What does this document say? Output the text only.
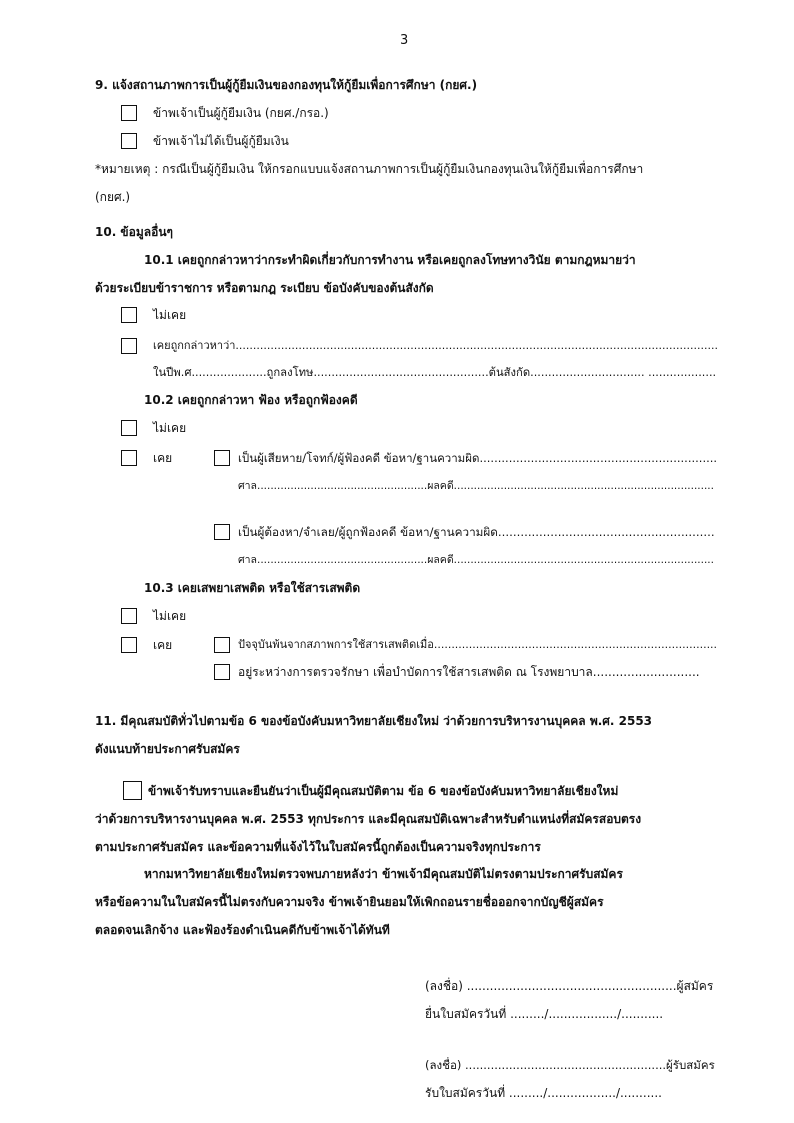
3
9. แจ้งสถานภาพการเป็นผู้กู้ยืมเงินของกองทุนให้กู้ยืมเพื่อการศึกษา (กยศ.)
ข้าพเจ้าเป็นผู้กู้ยืมเงิน (กยศ./กรอ.)
ข้าพเจ้าไม่ได้เป็นผู้กู้ยืมเงิน
*หมายเหตุ : กรณีเป็นผู้กู้ยืมเงิน ให้กรอกแบบแจ้งสถานภาพการเป็นผู้กู้ยืมเงินกองทุนเงินให้กู้ยืมเพื่อการศึกษา
(กยศ.)
10. ข้อมูลอื่นๆ
10.1 เคยถูกกล่าวหาว่ากระทำผิดเกี่ยวกับการทำงาน หรือเคยถูกลงโทษทางวินัย ตามกฎหมายว่า
ด้วยระเบียบข้าราชการ หรือตามกฎ ระเบียบ ข้อบังคับของต้นสังกัด
ไม่เคย
เคยถูกกล่าวหาว่า..........................................................................................................................................
ในปีพ.ศ.....................ถูกลงโทษ.................................................ต้นสังกัด................................ ...................
10.2 เคยถูกกล่าวหา ฟ้อง หรือถูกฟ้องคดี
ไม่เคย
เคย	เป็นผู้เสียหาย/โจทก์/ผู้ฟ้องคดี ข้อหา/ฐานความผิด.................................................................
ศาล...................................................ผลคดี..............................................................................
เป็นผู้ต้องหา/จำเลย/ผู้ถูกฟ้องคดี ข้อหา/ฐานความผิด..........................................................
ศาล...................................................ผลคดี..............................................................................
10.3 เคยเสพยาเสพติด หรือใช้สารเสพติด
ไม่เคย
เคย	ปัจจุบันพ้นจากสภาพการใช้สารเสพติดเมื่อ.................................................................................
อยู่ระหว่างการตรวจรักษา เพื่อบำบัดการใช้สารเสพติด ณ โรงพยาบาล............................
11. มีคุณสมบัติทั่วไปตามข้อ 6 ของข้อบังคับมหาวิทยาลัยเชียงใหม่ ว่าด้วยการบริหารงานบุคคล พ.ศ. 2553
ดังแนบท้ายประกาศรับสมัคร
ข้าพเจ้ารับทราบและยืนยันว่าเป็นผู้มีคุณสมบัติตาม ข้อ 6 ของข้อบังคับมหาวิทยาลัยเชียงใหม่
ว่าด้วยการบริหารงานบุคคล พ.ศ. 2553 ทุกประการ และมีคุณสมบัติเฉพาะสำหรับตำแหน่งที่สมัครสอบตรง
ตามประกาศรับสมัคร และข้อความที่แจ้งไว้ในใบสมัครนี้ถูกต้องเป็นความจริงทุกประการ
หากมหาวิทยาลัยเชียงใหม่ตรวจพบภายหลังว่า ข้าพเจ้ามีคุณสมบัติไม่ตรงตามประกาศรับสมัคร
หรือข้อความในใบสมัครนี้ไม่ตรงกับความจริง ข้าพเจ้ายินยอมให้เพิกถอนรายชื่อออกจากบัญชีผู้สมัคร
ตลอดจนเลิกจ้าง และฟ้องร้องดำเนินคดีกับข้าพเจ้าได้ทันที
(ลงชื่อ) .......................................................ผู้สมัคร
ยื่นใบสมัครวันที่ ........./................../...........
(ลงชื่อ) .......................................................ผู้รับสมัคร
รับใบสมัครวันที่ ........./................../...........
